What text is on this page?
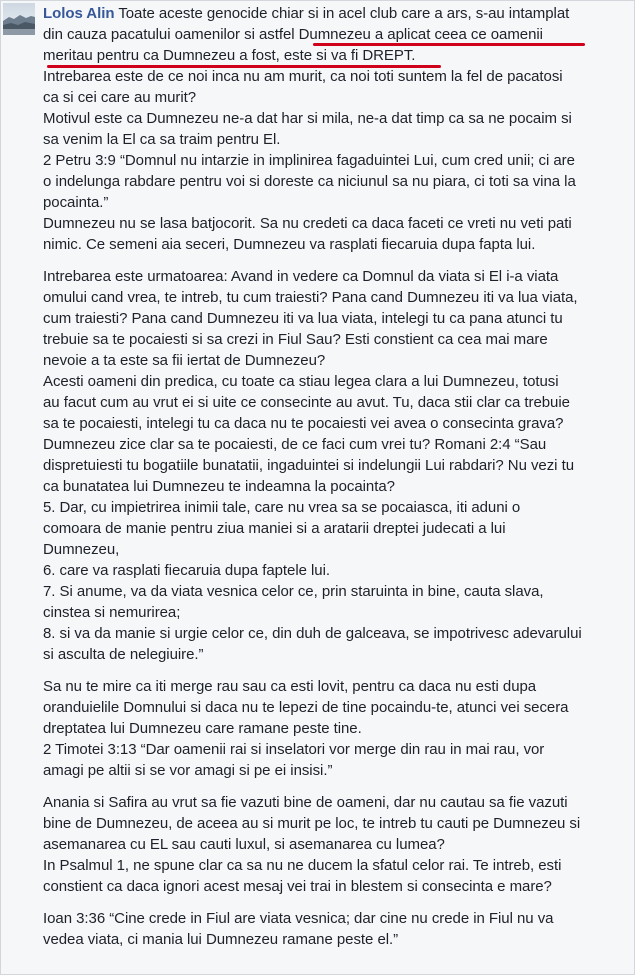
Lolos Alin Toate aceste genocide chiar si in acel club care a ars, s-au intamplat

din cauza pacatului oamenilor si astfel Dumnezeu a aplicat ceea ce oamenii

meritau pentru ca Dumnezeu a fost, este si va fi DREPT.

Intrebarea este de ce noi inca nu am murit, ca noi toti suntem la fel de pacatosi

ca si cei care au murit?

Motivul este ca Dumnezeu ne-a dat har si mila, ne-a dat timp ca sa ne pocaim si

sa venim la El ca sa traim pentru El.

2 Petru 3:9 “Domnul nu intarzie in implinirea fagaduintei Lui, cum cred unii; ci are

o indelunga rabdare pentru voi si doreste ca niciunul sa nu piara, ci toti sa vina la

pocainta.”

Dumnezeu nu se lasa batjocorit. Sa nu credeti ca daca faceti ce vreti nu veti pati

nimic. Ce semeni aia seceri, Dumnezeu va rasplati fiecaruia dupa fapta lui.

Intrebarea este urmatoarea: Avand in vedere ca Domnul da viata si El i-a viata

omului cand vrea, te intreb, tu cum traiesti? Pana cand Dumnezeu iti va lua viata,

cum traiesti? Pana cand Dumnezeu iti va lua viata, intelegi tu ca pana atunci tu

trebuie sa te pocaiesti si sa crezi in Fiul Sau? Esti constient ca cea mai mare

nevoie a ta este sa fii iertat de Dumnezeu?

Acesti oameni din predica, cu toate ca stiau legea clara a lui Dumnezeu, totusi

au facut cum au vrut ei si uite ce consecinte au avut. Tu, daca stii clar ca trebuie

sa te pocaiesti, intelegi tu ca daca nu te pocaiesti vei avea o consecinta grava?

Dumnezeu zice clar sa te pocaiesti, de ce faci cum vrei tu? Romani 2:4 “Sau

dispretuiesti tu bogatiile bunatatii, ingaduintei si indelungii Lui rabdari? Nu vezi tu

ca bunatatea lui Dumnezeu te indeamna la pocainta?

5. Dar, cu impietrirea inimii tale, care nu vrea sa se pocaiasca, iti aduni o

comoara de manie pentru ziua maniei si a aratarii dreptei judecati a lui

Dumnezeu,

6. care va rasplati fiecaruia dupa faptele lui.

7. Si anume, va da viata vesnica celor ce, prin staruinta in bine, cauta slava,

cinstea si nemurirea;

8. si va da manie si urgie celor ce, din duh de galceava, se impotrivesc adevarului

si asculta de nelegiuire.”

Sa nu te mire ca iti merge rau sau ca esti lovit, pentru ca daca nu esti dupa

oranduielile Domnului si daca nu te lepezi de tine pocaindu-te, atunci vei secera

dreptatea lui Dumnezeu care ramane peste tine.

2 Timotei 3:13 “Dar oamenii rai si inselatori vor merge din rau in mai rau, vor

amagi pe altii si se vor amagi si pe ei insisi.”

Anania si Safira au vrut sa fie vazuti bine de oameni, dar nu cautau sa fie vazuti

bine de Dumnezeu, de aceea au si murit pe loc, te intreb tu cauti pe Dumnezeu si

asemanarea cu EL sau cauti luxul, si asemanarea cu lumea?

In Psalmul 1, ne spune clar ca sa nu ne ducem la sfatul celor rai. Te intreb, esti

constient ca daca ignori acest mesaj vei trai in blestem si consecinta e mare?

Ioan 3:36 “Cine crede in Fiul are viata vesnica; dar cine nu crede in Fiul nu va

vedea viata, ci mania lui Dumnezeu ramane peste el.”
